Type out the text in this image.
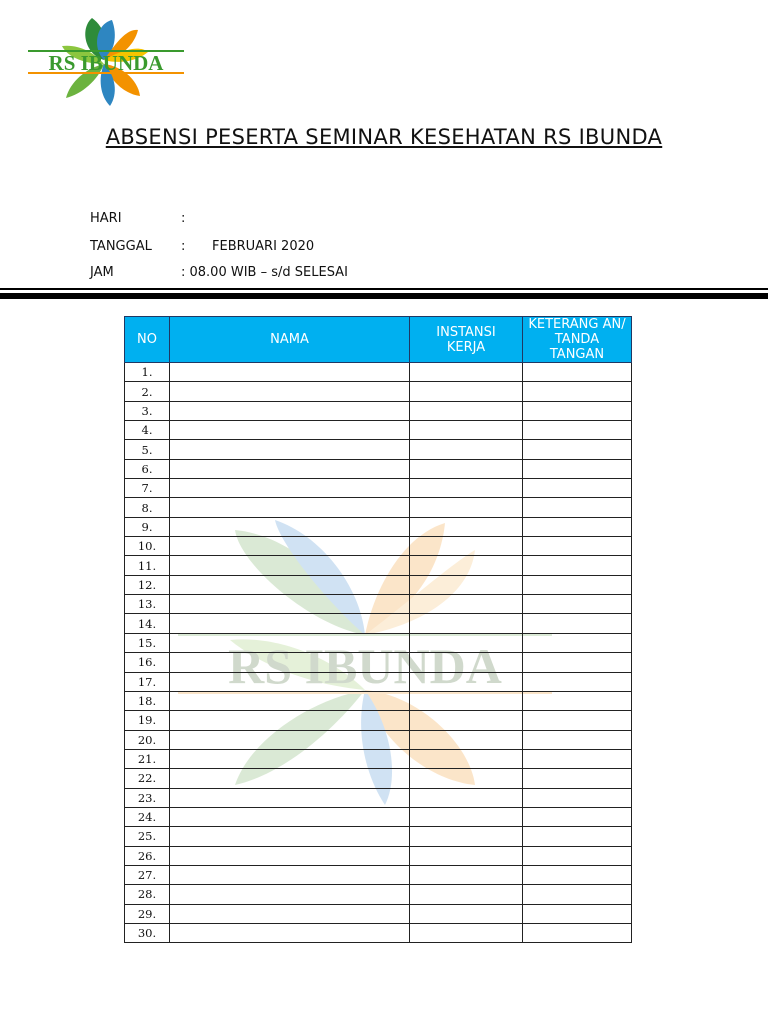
RS IBUNDA
RS IBUNDA
ABSENSI PESERTA SEMINAR KESEHATAN RS IBUNDA
HARI	:
TANGGAL : FEBRUARI 2020
JAM	: 08.00 WIB – s/d SELESAI
NO	NAMA	INSTANSI KERJA	KETERANG AN/ TANDA TANGAN
1.			
2.			
3.			
4.			
5.			
6.			
7.			
8.			
9.			
10.			
11.			
12.			
13.			
14.			
15.			
16.			
17.			
18.			
19.			
20.			
21.			
22.			
23.			
24.			
25.			
26.			
27.			
28.			
29.			
30.			
